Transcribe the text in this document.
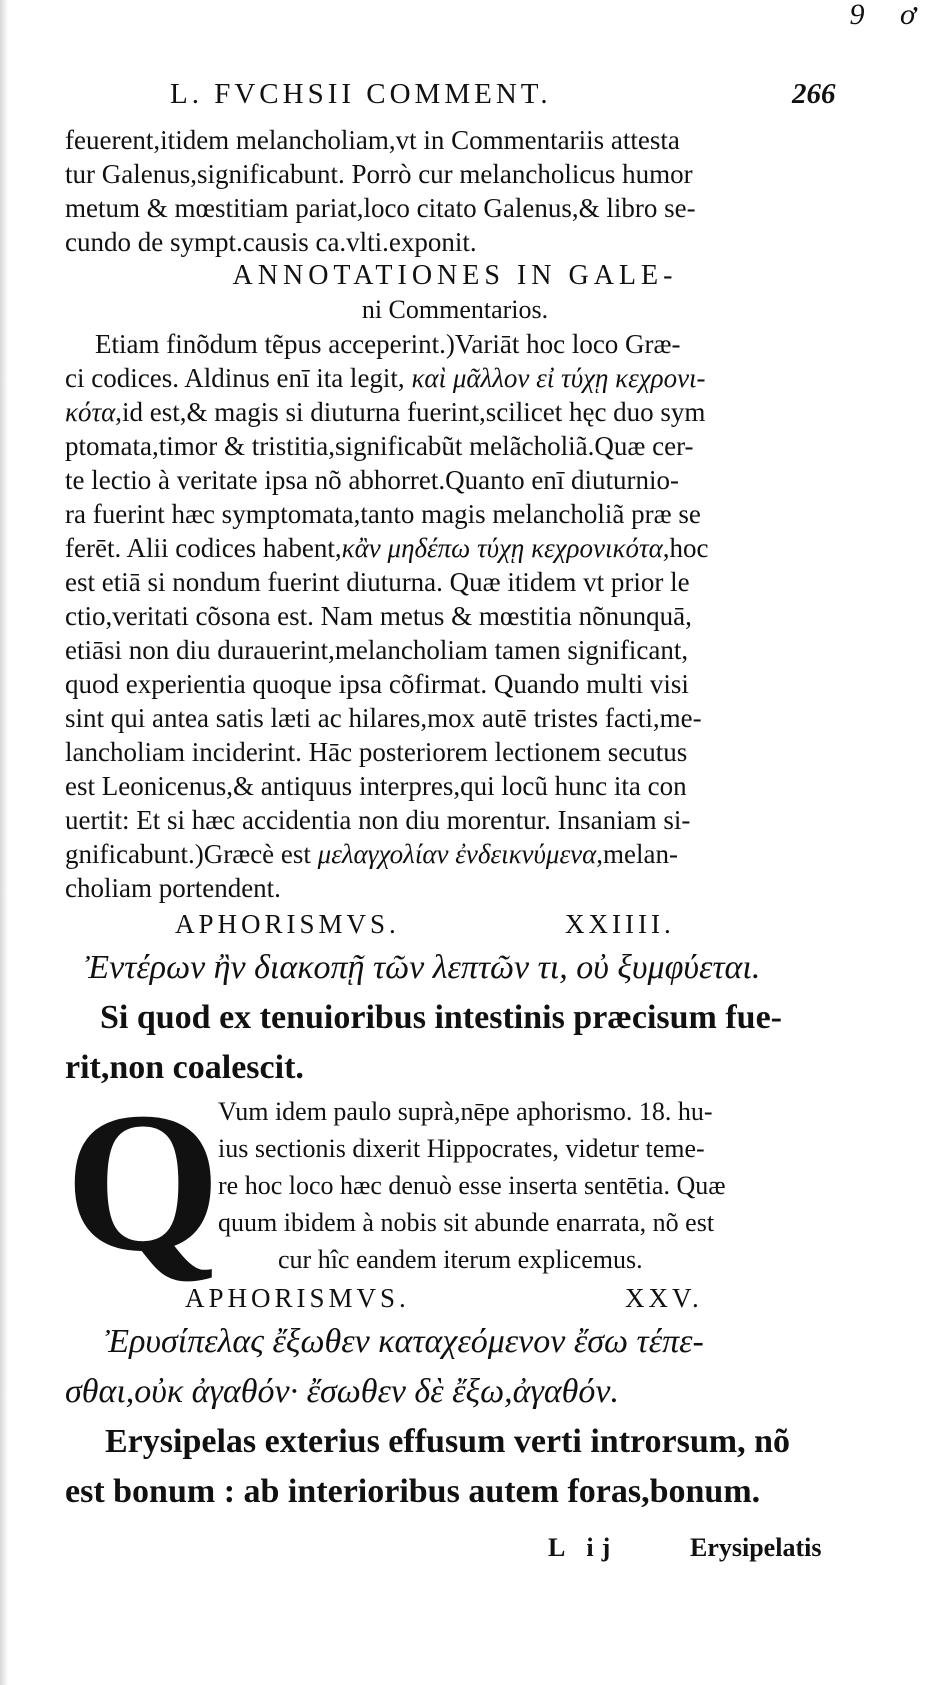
9 ơ
L. FVCHSII COMMENT.	266
feuerent,itidem melancholiam,vt in Commentariis attesta
tur Galenus,significabunt. Porrò cur melancholicus humor
metum & mœstitiam pariat,loco citato Galenus,& libro se-
cundo de sympt.causis ca.vlti.exponit.
ANNOTATIONES IN GALE-
ni Commentarios.
Etiam finõdum tẽpus acceperint.)Variāt hoc loco Græ-
ci codices. Aldinus enī ita legit, καὶ μᾶλλον εἰ τύχῃ κεχρονι-
κότα,id est,& magis si diuturna fuerint,scilicet hęc duo sym
ptomata,timor & tristitia,significabũt melãcholiã.Quæ cer-
te lectio à veritate ipsa nõ abhorret.Quanto enī diuturnio-
ra fuerint hæc symptomata,tanto magis melancholiã præ se
ferēt. Alii codices habent,κἂν μηδέπω τύχῃ κεχρονικότα,hoc
est etiā si nondum fuerint diuturna. Quæ itidem vt prior le
ctio,veritati cõsona est. Nam metus & mœstitia nõnunquā,
etiāsi non diu durauerint,melancholiam tamen significant,
quod experientia quoque ipsa cõfirmat. Quando multi visi
sint qui antea satis læti ac hilares,mox autē tristes facti,me-
lancholiam inciderint. Hāc posteriorem lectionem secutus
est Leonicenus,& antiquus interpres,qui locũ hunc ita con
uertit: Et si hæc accidentia non diu morentur. Insaniam si-
gnificabunt.)Græcè est μελαγχολίαν ἐνδεικνύμενα,melan-
choliam portendent.
APHORISMVS.	XXIIII.
Ἐντέρων ἢν διακοπῇ τῶν λεπτῶν τι, οὐ ξυμφύεται.
Si quod ex tenuioribus intestinis præcisum fue-
rit,non coalescit.
Q
Vum idem paulo suprà,nēpe aphorismo. 18. hu-
ius sectionis dixerit Hippocrates, videtur teme-
re hoc loco hæc denuò esse inserta sentētia. Quæ
quum ibidem à nobis sit abunde enarrata, nõ est
cur hîc eandem iterum explicemus.
APHORISMVS.	XXV.
Ἐρυσίπελας ἔξωθεν καταχεόμενον ἔσω τέπε-
σθαι,οὐκ ἀγαθόν· ἔσωθεν δὲ ἔξω,ἀγαθόν.
Erysipelas exterius effusum verti introrsum, nõ
est bonum : ab interioribus autem foras,bonum.
L ij	Erysipelatis
